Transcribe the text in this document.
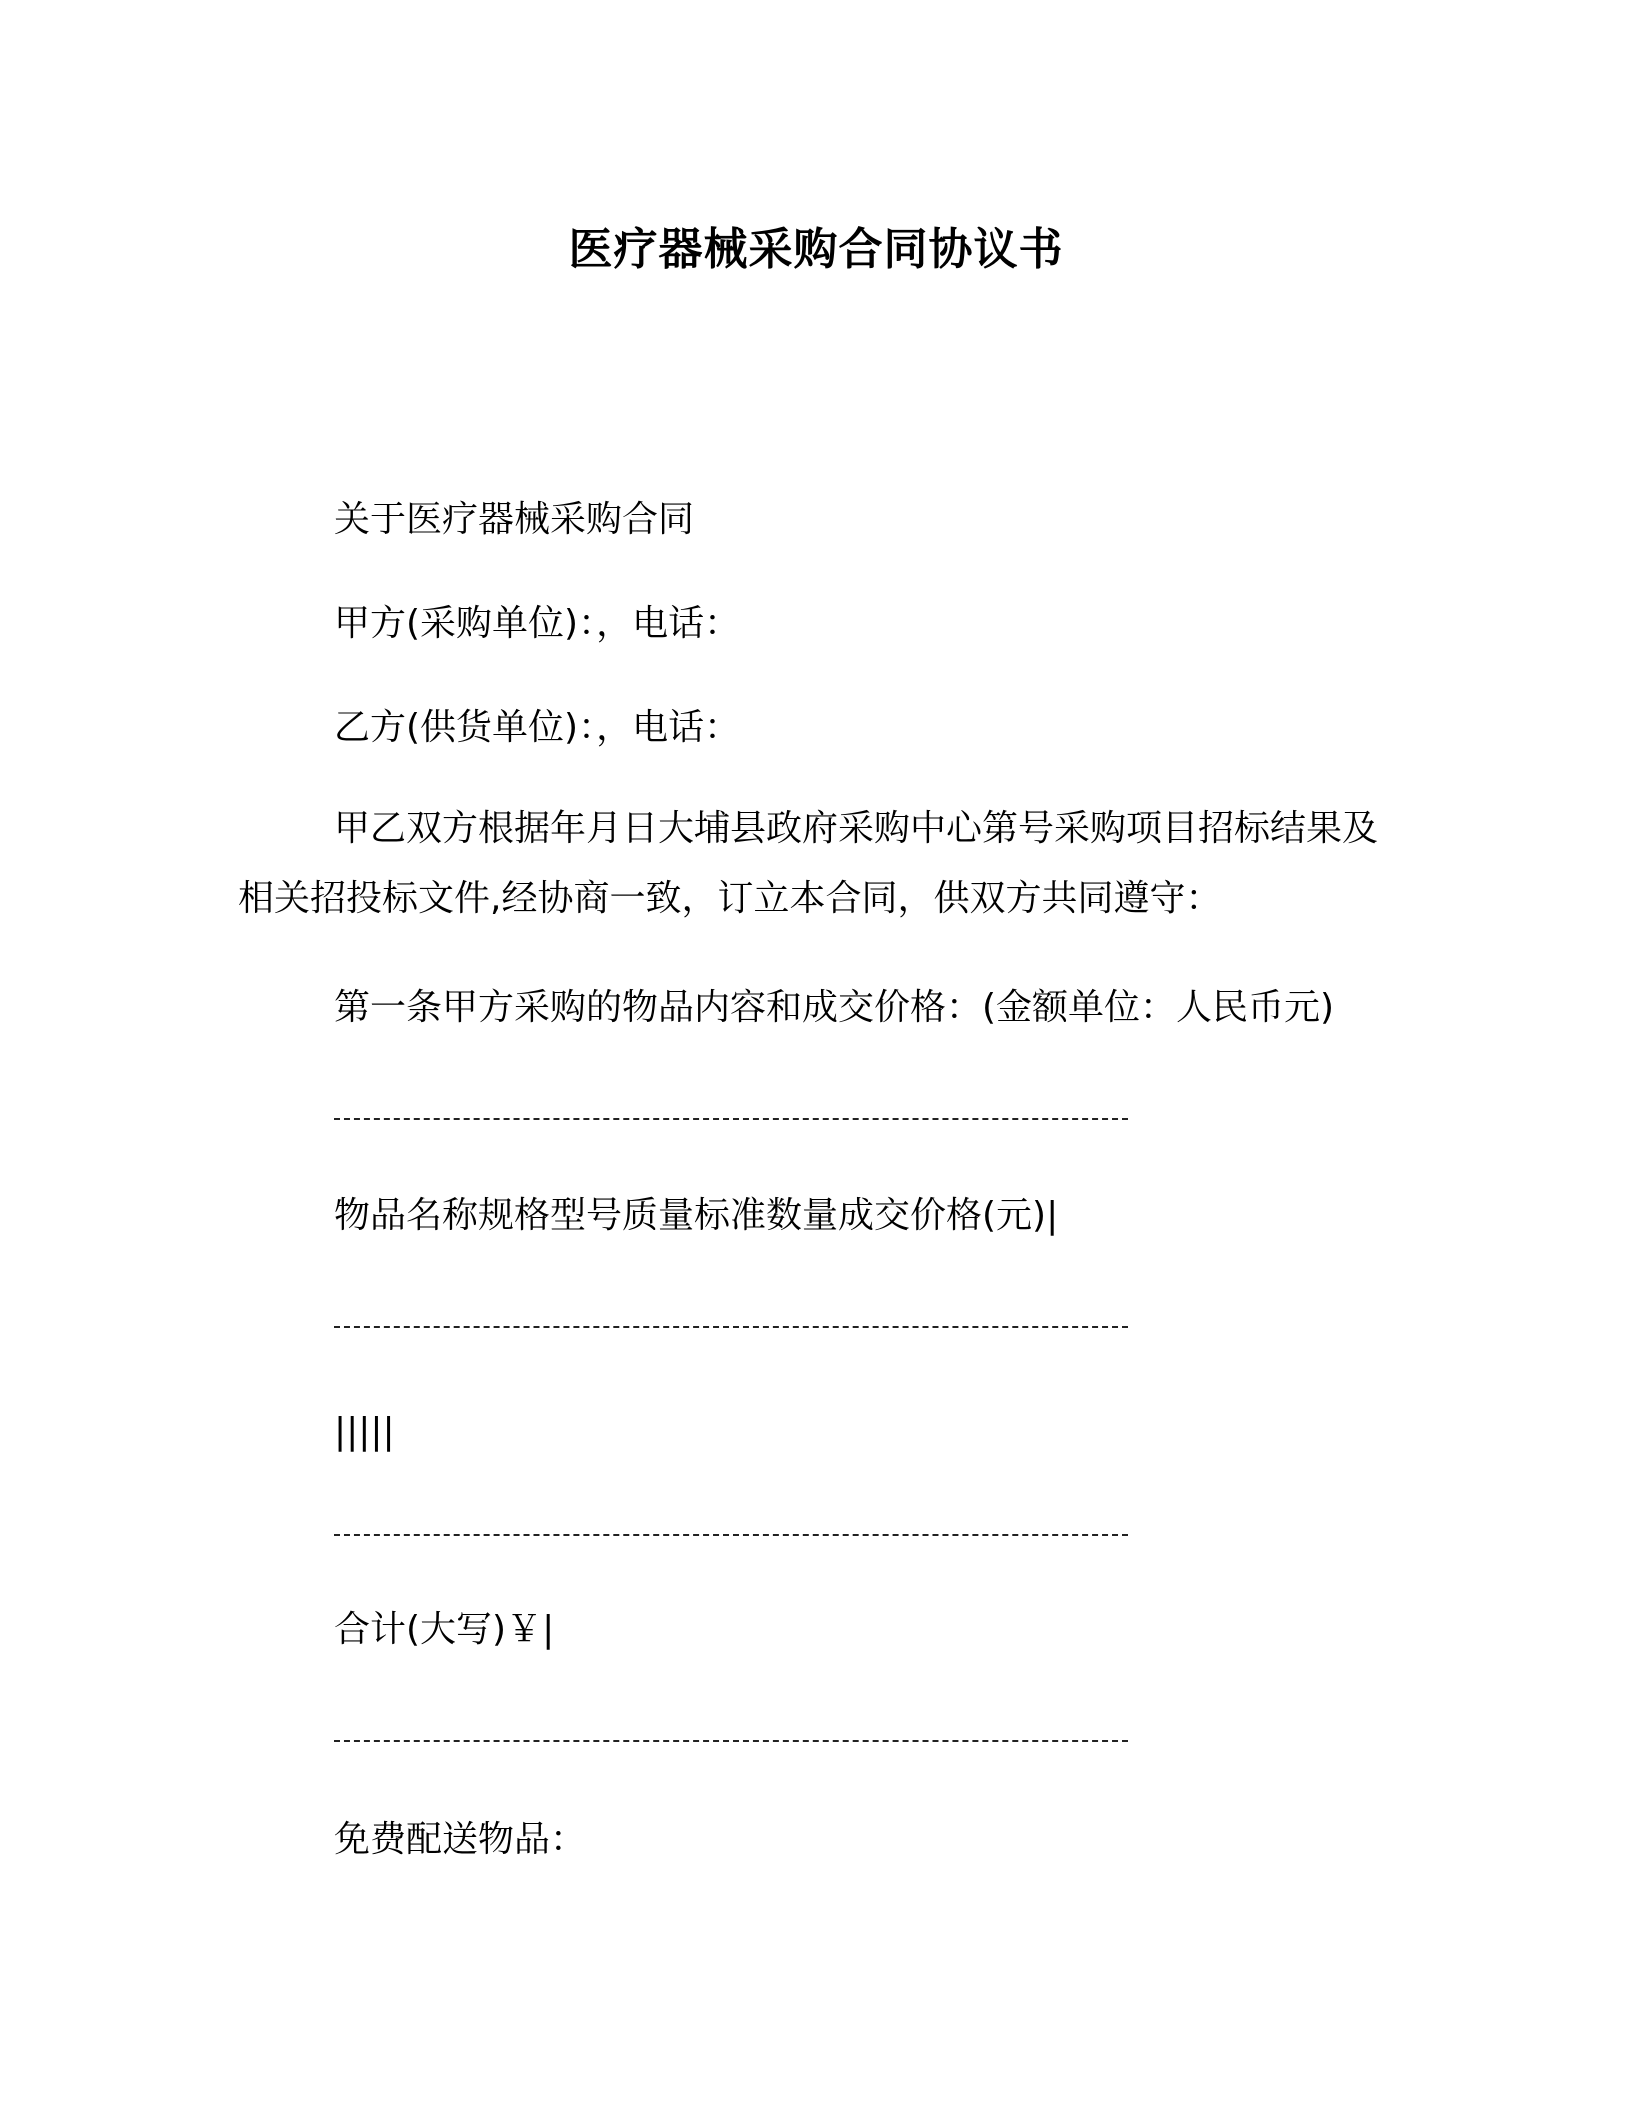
医疗器械采购合同协议书
关于医疗器械采购合同
甲方(采购单位)：，电话：
乙方(供货单位)：，电话：
甲乙双方根据年月日大埔县政府采购中心第号采购项目招标结果及相关招投标文件,经协商一致，订立本合同，供双方共同遵守：
第一条甲方采购的物品内容和成交价格：(金额单位：人民币元)
物品名称规格型号质量标准数量成交价格(元)|
|||||
合计(大写)￥|
免费配送物品：
